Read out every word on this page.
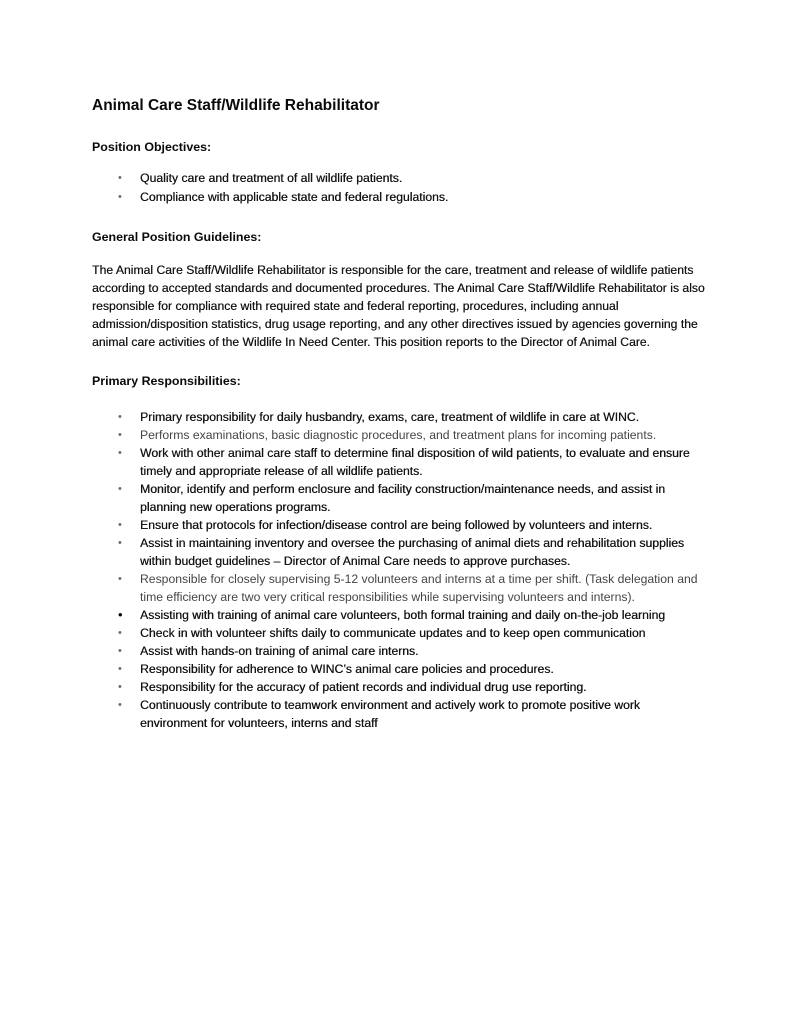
Animal Care Staff/Wildlife Rehabilitator
Position Objectives:
•	Quality care and treatment of all wildlife patients.
•	Compliance with applicable state and federal regulations.
General Position Guidelines:

The Animal Care Staff/Wildlife Rehabilitator is responsible for the care, treatment and release of wildlife patients according to accepted standards and documented procedures. The Animal Care Staff/Wildlife Rehabilitator is also responsible for compliance with required state and federal reporting, procedures, including annual admission/disposition statistics, drug usage reporting, and any other directives issued by agencies governing the animal care activities of the Wildlife In Need Center. This position reports to the Director of Animal Care.

Primary Responsibilities:
•	Primary responsibility for daily husbandry, exams, care, treatment of wildlife in care at WINC.
•	Performs examinations, basic diagnostic procedures, and treatment plans for incoming patients.
•	Work with other animal care staff to determine final disposition of wild patients, to evaluate and ensure timely and appropriate release of all wildlife patients.
•	Monitor, identify and perform enclosure and facility construction/maintenance needs, and assist in planning new operations programs.
•	Ensure that protocols for infection/disease control are being followed by volunteers and interns.
•	Assist in maintaining inventory and oversee the purchasing of animal diets and rehabilitation supplies within budget guidelines – Director of Animal Care needs to approve purchases.
•	Responsible for closely supervising 5-12 volunteers and interns at a time per shift. (Task delegation and time efficiency are two very critical responsibilities while supervising volunteers and interns).
•	Assisting with training of animal care volunteers, both formal training and daily on-the-job learning
•	Check in with volunteer shifts daily to communicate updates and to keep open communication
•	Assist with hands-on training of animal care interns.
•	Responsibility for adherence to WINC’s animal care policies and procedures.
•	Responsibility for the accuracy of patient records and individual drug use reporting.
•	Continuously contribute to teamwork environment and actively work to promote positive work environment for volunteers, interns and staff
